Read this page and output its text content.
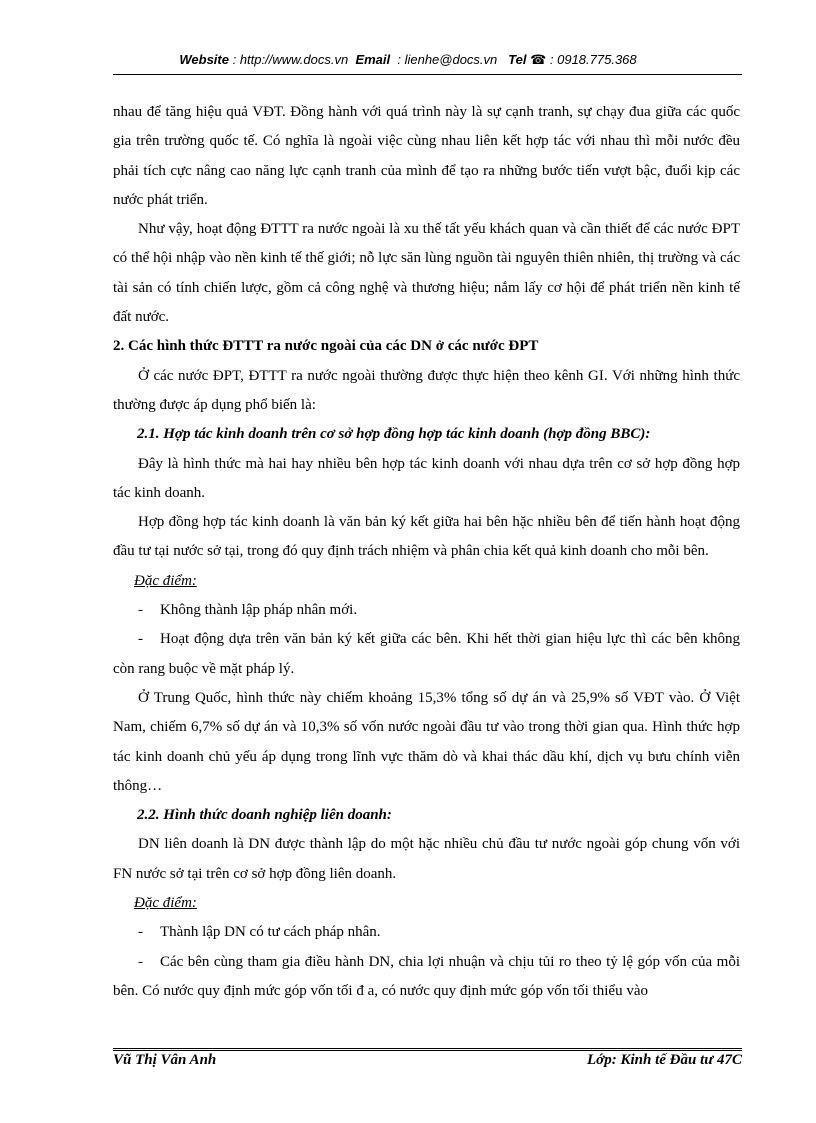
Website : http://www.docs.vn Email  : lienhe@docs.vn Tel ☎ : 0918.775.368

nhau để tăng hiệu quả VĐT. Đồng hành với quá trình này là sự cạnh tranh, sự chạy đua giữa các quốc gia trên trường quốc tế. Có nghĩa là ngoài việc cùng nhau liên kết hợp tác với nhau thì mỗi nước đều phải tích cực nâng cao năng lực cạnh tranh của mình để tạo ra những bước tiến vượt bậc, đuổi kịp các nước phát triển.

Như vậy, hoạt động ĐTTT ra nước ngoài là xu thế tất yếu khách quan và cần thiết để các nước ĐPT có thể hội nhập vào nền kinh tế thế giới; nỗ lực săn lùng nguồn tài nguyên thiên nhiên, thị trường và các tài sản có tính chiến lược, gồm cả công nghệ và thương hiệu; nắm lấy cơ hội để phát triển nền kinh tế đất nước.

2. Các hình thức ĐTTT ra nước ngoài của các DN ở các nước ĐPT

Ở các nước ĐPT, ĐTTT ra nước ngoài thường được thực hiện theo kênh GI. Với những hình thức thường được áp dụng phổ biến là:

2.1. Hợp tác kinh doanh trên cơ sở hợp đồng hợp tác kinh doanh (hợp đồng BBC):

Đây là hình thức mà hai hay nhiều bên hợp tác kinh doanh với nhau dựa trên cơ sở hợp đồng hợp tác kinh doanh.

Hợp đồng hợp tác kinh doanh là văn bản ký kết giữa hai bên hặc nhiều bên để tiến hành hoạt động đầu tư tại nước sở tại, trong đó quy định trách nhiệm và phân chia kết quả kinh doanh cho mỗi bên.

Đặc điểm:

- Không thành lập pháp nhân mới.

- Hoạt động dựa trên văn bản ký kết giữa các bên. Khi hết thời gian hiệu lực thì các bên không còn rang buộc về mặt pháp lý.

Ở Trung Quốc, hình thức này chiếm khoảng 15,3% tổng số dự án và 25,9% số VĐT vào. Ở Việt Nam, chiếm 6,7% số dự án và 10,3% số vốn nước ngoài đầu tư vào trong thời gian qua. Hình thức hợp tác kinh doanh chủ yếu áp dụng trong lĩnh vực thăm dò và khai thác dầu khí, dịch vụ bưu chính viễn thông…

2.2. Hình thức doanh nghiệp liên doanh:

DN liên doanh là DN được thành lập do một hặc nhiều chủ đầu tư nước ngoài góp chung vốn với FN nước sở tại trên cơ sở hợp đồng liên doanh.

Đặc điểm:

- Thành lập DN có tư cách pháp nhân.

- Các bên cùng tham gia điều hành DN, chia lợi nhuận và chịu tủi ro theo tỷ lệ góp vốn của mỗi bên. Có nước quy định mức góp vốn tối đ a, có nước quy định mức góp vốn tối thiểu vào

Vũ Thị Vân Anh	Lớp: Kinh tế Đầu tư 47C
